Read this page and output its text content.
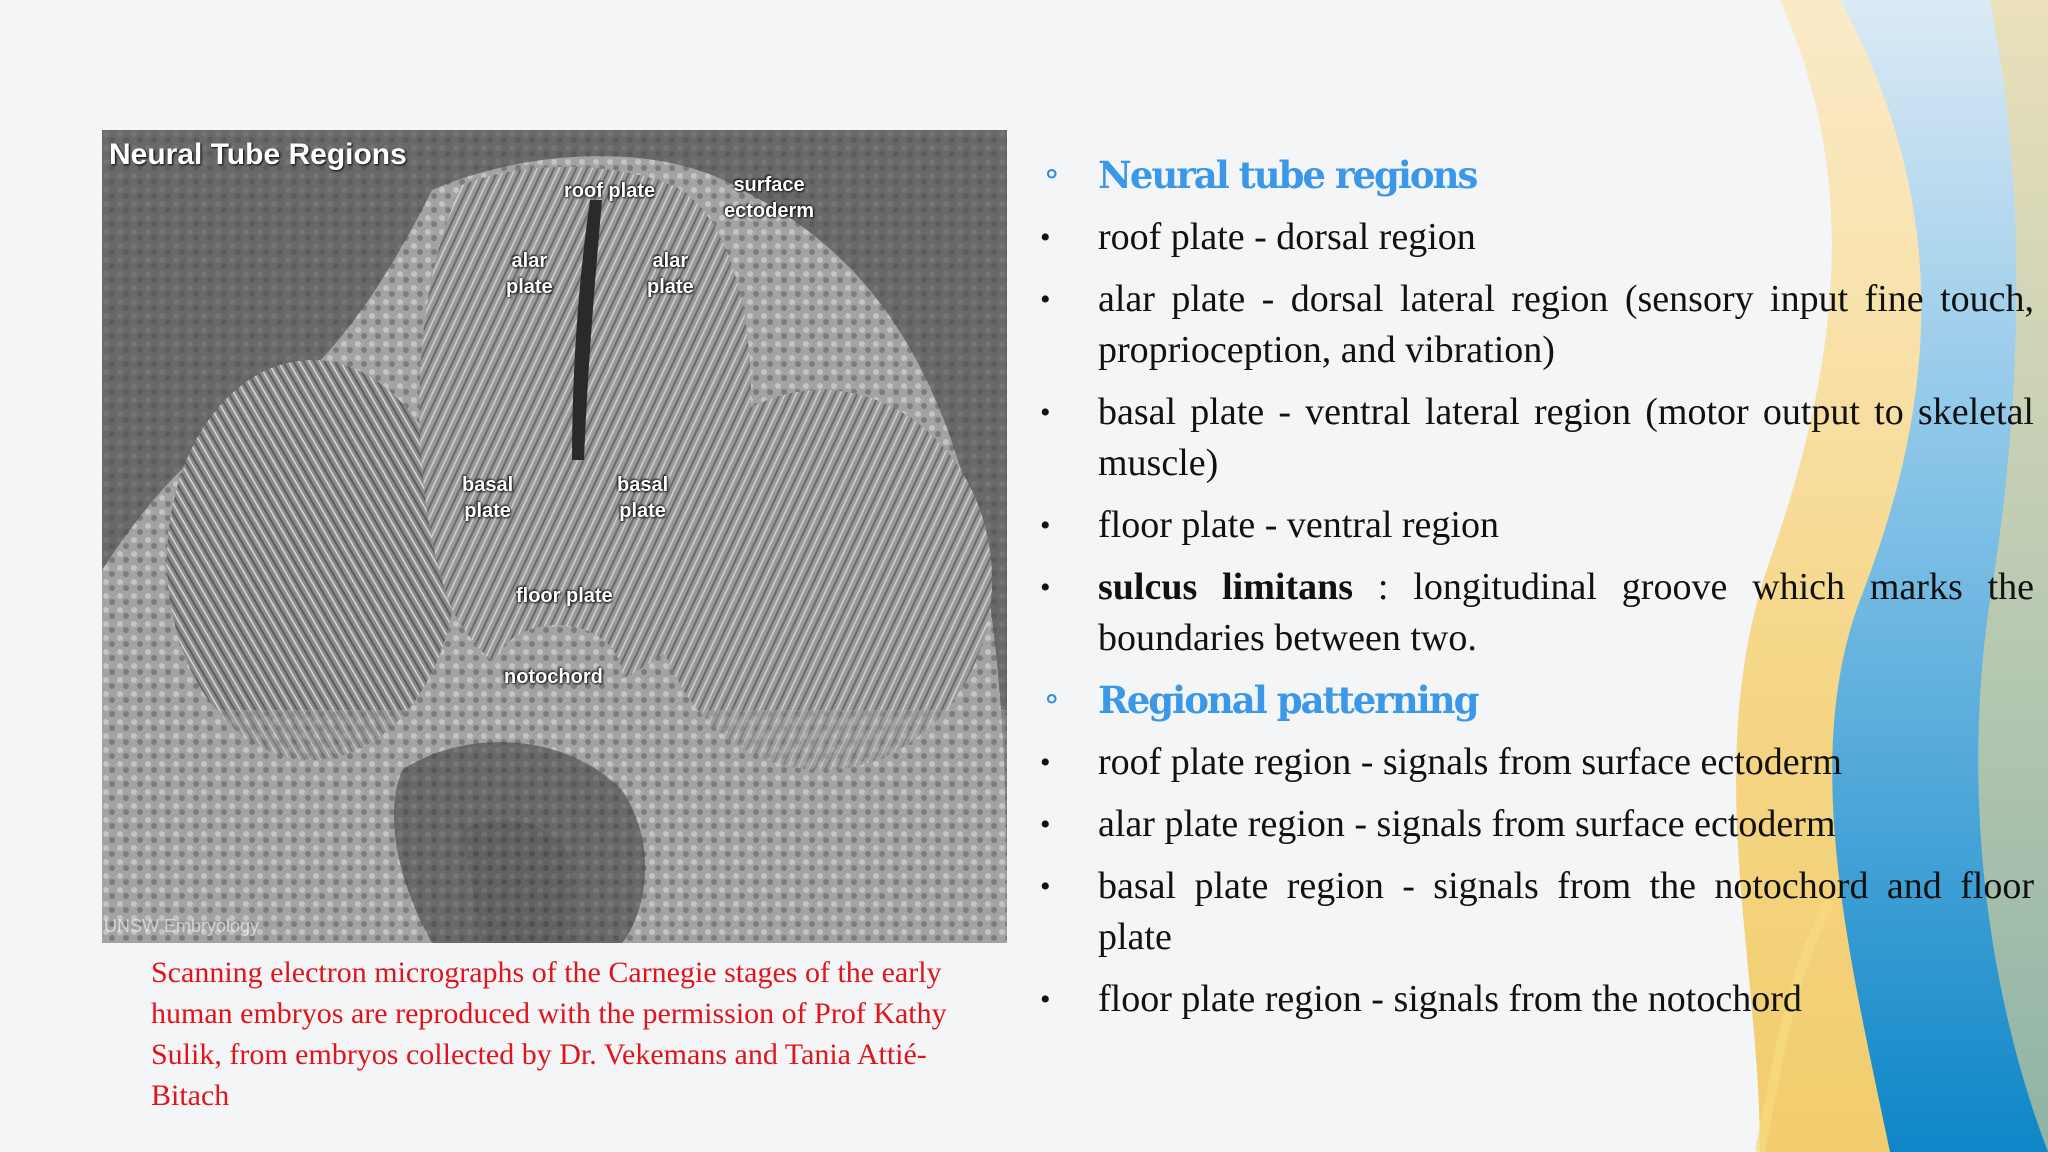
Neural Tube Regions
roof plate	surface
ectoderm
alar
plate
alar
plate
basal
plate
basal
plate
floor plate
notochord
UNSW Embryology
Scanning electron micrographs of the Carnegie stages of the early human embryos are reproduced with the permission of Prof Kathy Sulik, from embryos collected by Dr. Vekemans and Tania Attié-Bitach
⚬ Neural tube regions
• roof plate - dorsal region
• alar plate - dorsal lateral region (sensory input fine touch, proprioception, and vibration)
• basal plate - ventral lateral region (motor output to skeletal muscle)
• floor plate - ventral region
• sulcus limitans : longitudinal groove which marks the boundaries between two.
⚬ Regional patterning
• roof plate region - signals from surface ectoderm
• alar plate region - signals from surface ectoderm
• basal plate region - signals from the notochord and floor plate
• floor plate region - signals from the notochord
